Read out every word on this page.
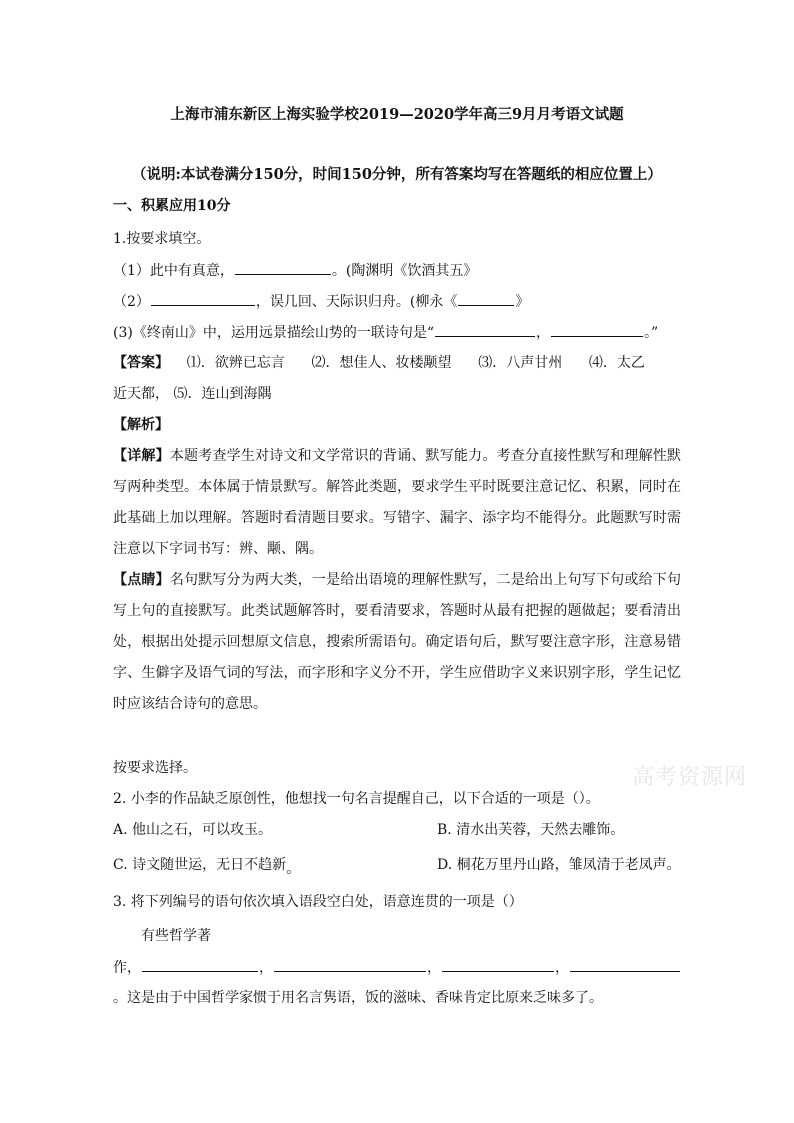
上海市浦东新区上海实验学校2019—2020学年高三9月月考语文试题
（说明:本试卷满分150分，时间150分钟，所有答案均写在答题纸的相应位置上）
一、积累应用10分
1.按要求填空。
（1）此中有真意，	。(陶渊明《饮酒其五》
（2）	，误几回、天际识归舟。(柳永《	》
(3)《终南山》中，运用远景描绘山势的一联诗句是“	，	。”
【答案】    ⑴．欲辨已忘言      ⑵．想佳人、妆楼颙望      ⑶．八声甘州      ⑷．太乙
近天都， ⑸．连山到海隅
【解析】
【详解】本题考查学生对诗文和文学常识的背诵、默写能力。考查分直接性默写和理解性默写两种类型。本体属于情景默写。解答此类题，要求学生平时既要注意记忆、积累，同时在此基础上加以理解。答题时看清题目要求。写错字、漏字、添字均不能得分。此题默写时需注意以下字词书写：辨、颙、隅。
【点睛】名句默写分为两大类，一是给出语境的理解性默写，二是给出上句写下句或给下句写上句的直接默写。此类试题解答时，要看清要求，答题时从最有把握的题做起；要看清出处，根据出处提示回想原文信息，搜索所需语句。确定语句后，默写要注意字形，注意易错字、生僻字及语气词的写法，而字形和字义分不开，学生应借助字义来识别字形，学生记忆时应该结合诗句的意思。
按要求选择。
2. 小李的作品缺乏原创性，他想找一句名言提醒自己，以下合适的一项是（）。
A. 他山之石，可以攻玉。	B. 清水出芙蓉，天然去雕饰。
C. 诗文随世运，无日不趋新。	D. 桐花万里丹山路，雏凤清于老凤声。
3. 将下列编号的语句依次填入语段空白处，语意连贯的一项是（）
有些哲学著
作，	，	，	，
。这是由于中国哲学家惯于用名言隽语，饭的滋味、香味肯定比原来乏味多了。
高考资源网
